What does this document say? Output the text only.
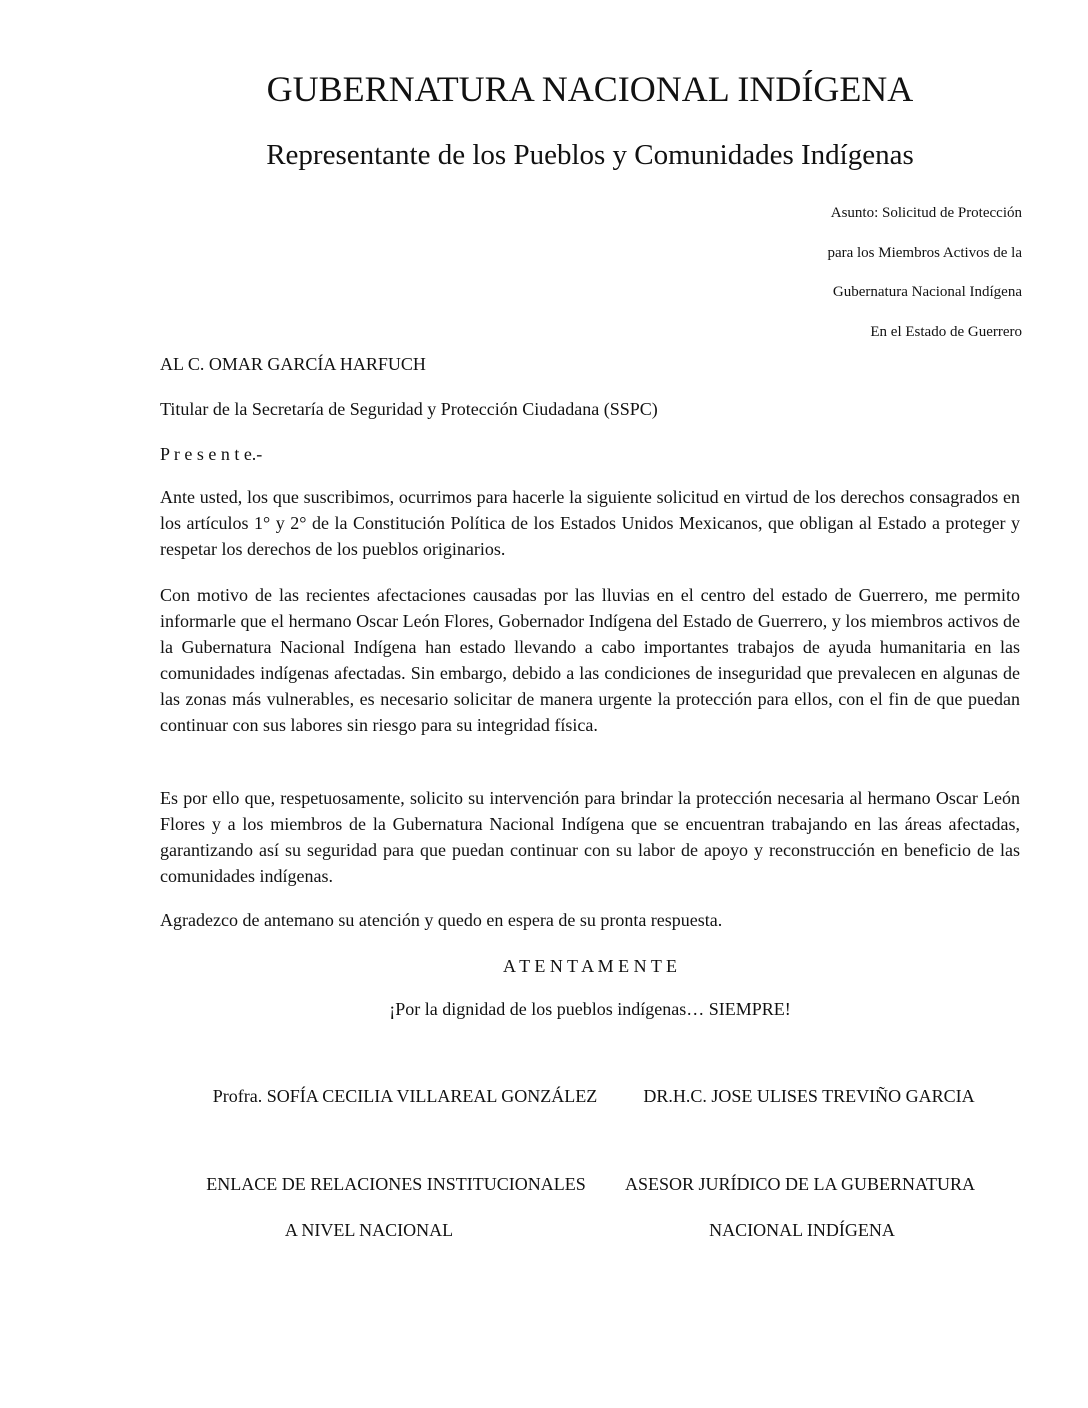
GUBERNATURA NACIONAL INDÍGENA
Representante de los Pueblos y Comunidades Indígenas
Asunto: Solicitud de Protección
para los Miembros Activos de la
Gubernatura Nacional Indígena
En el Estado de Guerrero

AL C. OMAR GARCÍA HARFUCH

Titular de la Secretaría de Seguridad y Protección Ciudadana (SSPC)

P r e s e n t e.-

Ante usted, los que suscribimos, ocurrimos para hacerle la siguiente solicitud en virtud de los derechos consagrados en los artículos 1° y 2° de la Constitución Política de los Estados Unidos Mexicanos, que obligan al Estado a proteger y respetar los derechos de los pueblos originarios.

Con motivo de las recientes afectaciones causadas por las lluvias en el centro del estado de Guerrero, me permito informarle que el hermano Oscar León Flores, Gobernador Indígena del Estado de Guerrero, y los miembros activos de la Gubernatura Nacional Indígena han estado llevando a cabo importantes trabajos de ayuda humanitaria en las comunidades indígenas afectadas. Sin embargo, debido a las condiciones de inseguridad que prevalecen en algunas de las zonas más vulnerables, es necesario solicitar de manera urgente la protección para ellos, con el fin de que puedan continuar con sus labores sin riesgo para su integridad física.

Es por ello que, respetuosamente, solicito su intervención para brindar la protección necesaria al hermano Oscar León Flores y a los miembros de la Gubernatura Nacional Indígena que se encuentran trabajando en las áreas afectadas, garantizando así su seguridad para que puedan continuar con su labor de apoyo y reconstrucción en beneficio de las comunidades indígenas.

Agradezco de antemano su atención y quedo en espera de su pronta respuesta.

A T E N T A M E N T E

¡Por la dignidad de los pueblos indígenas… SIEMPRE!

Profra. SOFÍA CECILIA VILLAREAL GONZÁLEZ	DR.H.C. JOSE ULISES TREVIÑO GARCIA
ENLACE DE RELACIONES INSTITUCIONALES	ASESOR JURÍDICO DE LA GUBERNATURA
A NIVEL NACIONAL	NACIONAL INDÍGENA
